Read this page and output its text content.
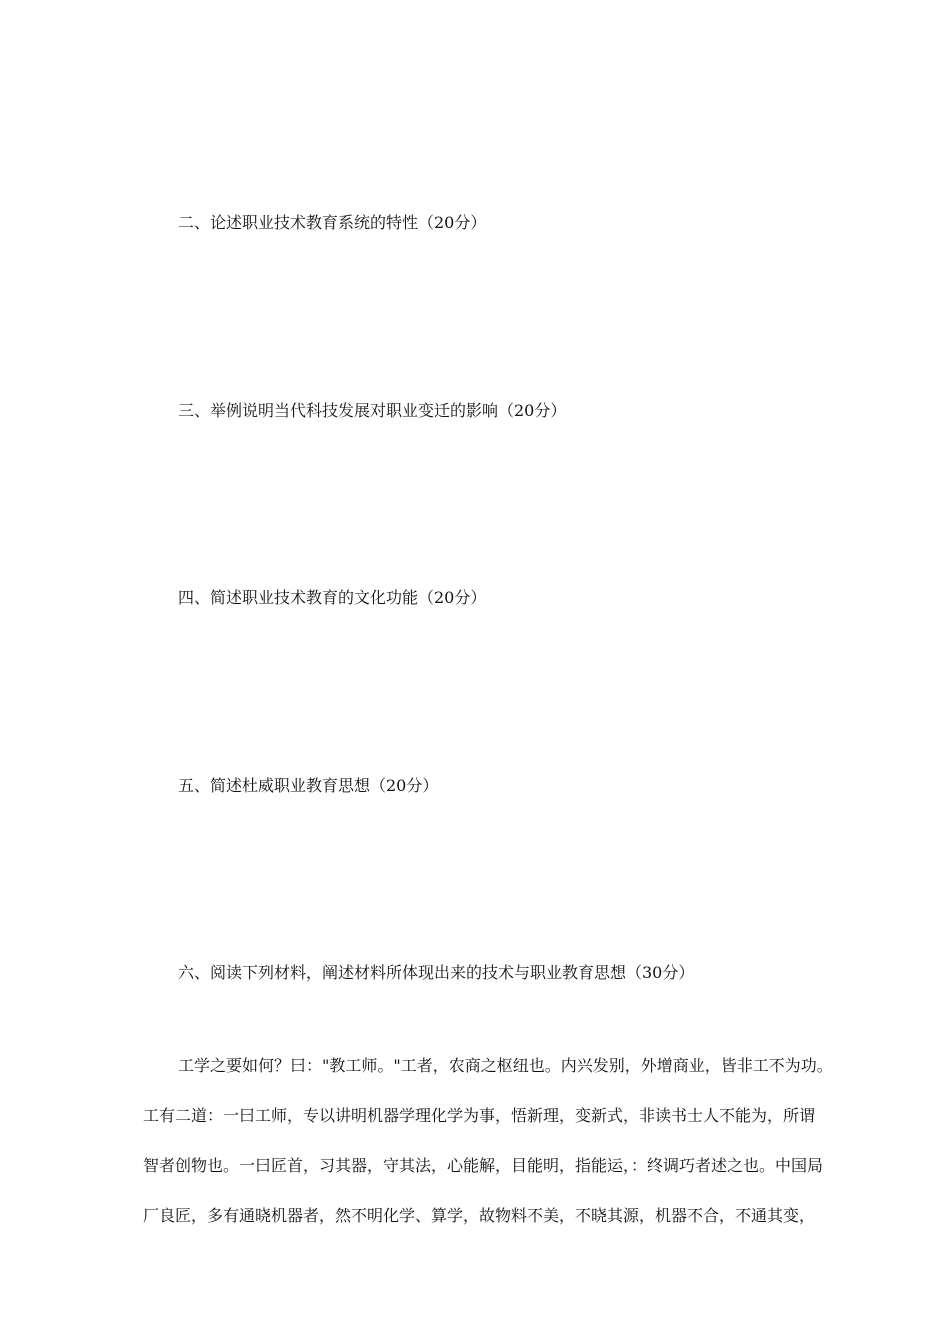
二、论述职业技术教育系统的特性（20分）

三、举例说明当代科技发展对职业变迁的影响（20分）

四、简述职业技术教育的文化功能（20分）

五、简述杜威职业教育思想（20分）

六、阅读下列材料，阐述材料所体现出来的技术与职业教育思想（30分）

工学之要如何？曰："教工师。"工者，农商之枢纽也。内兴发别，外增商业，皆非工不为功。

工有二道：一曰工师，专以讲明机器学理化学为事，悟新理，变新式，非读书士人不能为，所谓

智者创物也。一曰匠首，习其器，守其法，心能解，目能明，指能运，：终调巧者述之也。中国局

厂良匠，多有通晓机器者，然不明化学、算学，故物料不美，不晓其源，机器不合，不通其变，
